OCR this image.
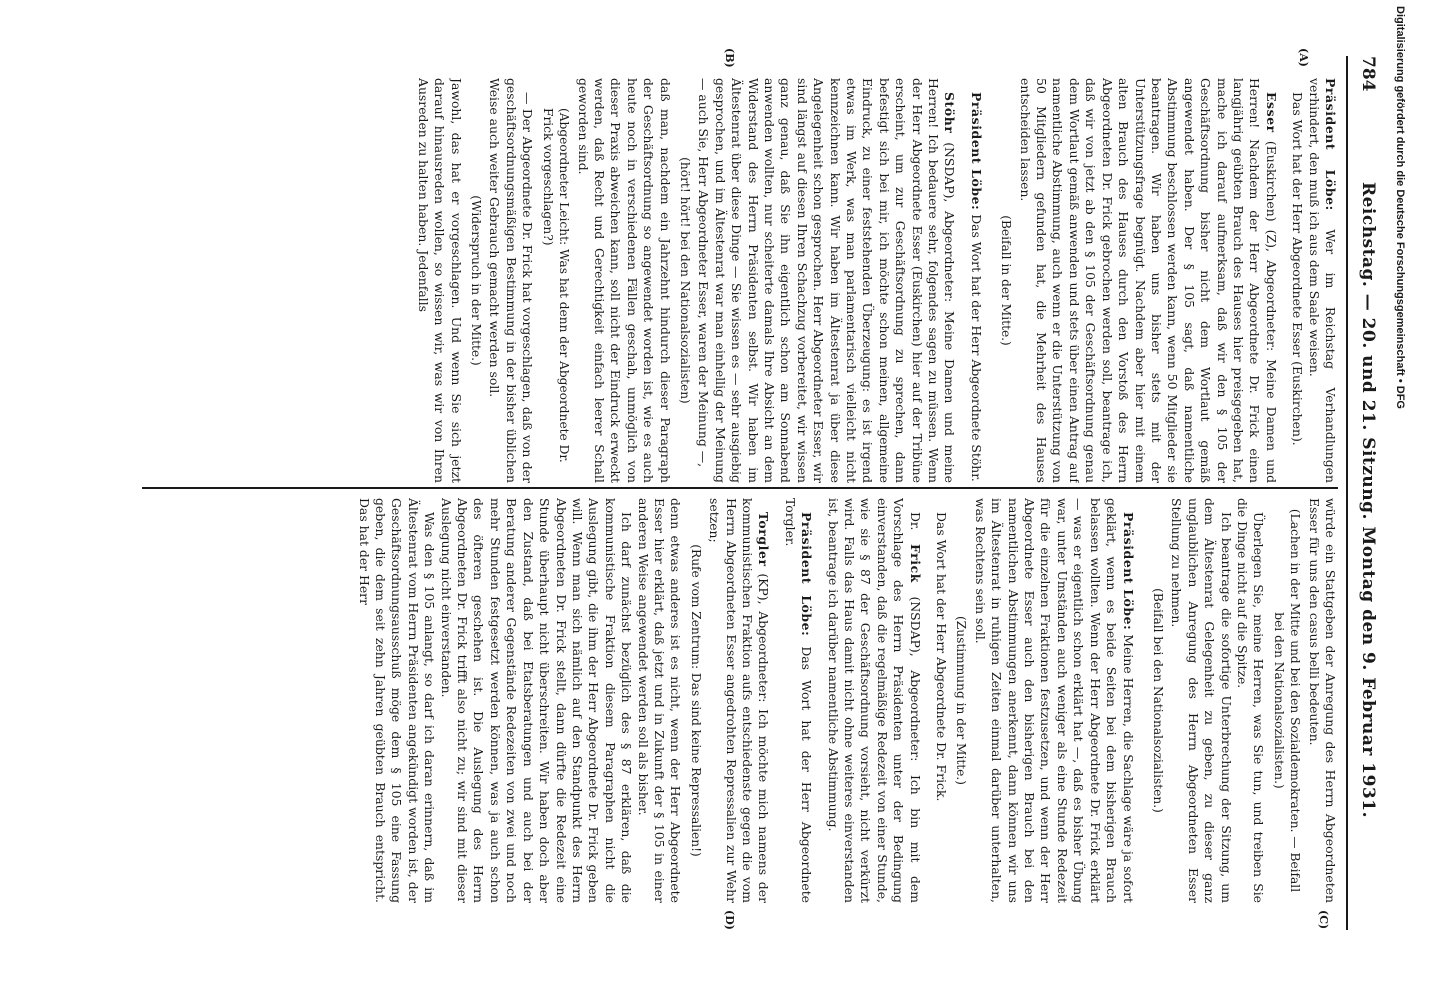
784
Reichstag. — 20. und 21. Sitzung. Montag den 9. Februar 1931.
(A)
(B)
(C)
(D)

Präsident Löbe: Wer im Reichstag Verhandlungen verhindert, den muß ich aus dem Saale weisen.

Das Wort hat der Herr Abgeordnete Esser (Euskirchen).

Esser (Euskirchen) (Z), Abgeordneter: Meine Damen und Herren! Nachdem der Herr Abgeordnete Dr. Frick einen langjährig geübten Brauch des Hauses hier preisgegeben hat, mache ich darauf aufmerksam, daß wir den § 105 der Geschäftsordnung bisher nicht dem Wortlaut gemäß angewendet haben. Der § 105 sagt, daß namentliche Abstimmung beschlossen werden kann, wenn 50 Mitglieder sie beantragen. Wir haben uns bisher stets mit der Unterstützungsfrage begnügt. Nachdem aber hier mit einem alten Brauch des Hauses durch den Vorstoß des Herrn Abgeordneten Dr. Frick gebrochen werden soll, beantrage ich, daß wir von jetzt ab den § 105 der Geschäftsordnung genau dem Wortlaut gemäß anwenden und stets über einen Antrag auf namentliche Abstimmung, auch wenn er die Unterstützung von 50 Mitgliedern gefunden hat, die Mehrheit des Hauses entscheiden lassen.

(Beifall in der Mitte.)

Präsident Löbe: Das Wort hat der Herr Abgeordnete Stöhr.

Stöhr (NSDAP), Abgeordneter: Meine Damen und meine Herren! Ich bedauere sehr, folgendes sagen zu müssen. Wenn der Herr Abgeordnete Esser (Euskirchen) hier auf der Tribüne erscheint, um zur Geschäftsordnung zu sprechen, dann befestigt sich bei mir, ich möchte schon meinen, allgemeine Eindruck, zu einer feststehenden Überzeugung: es ist irgend etwas im Werk, was man parlamentarisch vielleicht nicht kennzeichnen kann. Wir haben im Ältestenrat ja über diese Angelegenheit schon gesprochen. Herr Abgeordneter Esser, wir sind längst auf diesen Ihren Schachzug vorbereitet, wir wissen ganz genau, daß Sie ihn eigentlich schon am Sonnabend anwenden wollten, nur scheiterte damals Ihre Absicht an dem Widerstand des Herrn Präsidenten selbst. Wir haben im Ältestenrat über diese Dinge — Sie wissen es — sehr ausgiebig gesprochen, und im Ältestenrat war man einhellig der Meinung — auch Sie, Herr Abgeordneter Esser, waren der Meinung —,

(hört! hört! bei den Nationalsozialisten)

daß man, nachdem ein Jahrzehnt hindurch dieser Paragraph der Geschäftsordnung so angewendet worden ist, wie es auch heute noch in verschiedenen Fällen geschah, unmöglich von dieser Praxis abweichen kann, soll nicht der Eindruck erweckt werden, daß Recht und Gerechtigkeit einfach leerer Schall geworden sind.

(Abgeordneter Leicht: Was hat denn der Abgeordnete Dr. Frick vorgeschlagen?)

— Der Abgeordnete Dr. Frick hat vorgeschlagen, daß von der geschäftsordnungsmäßigen Bestimmung in der bisher üblichen Weise auch weiter Gebrauch gemacht werden soll.

(Widerspruch in der Mitte.)

Jawohl, das hat er vorgeschlagen. Und wenn Sie sich jetzt darauf hinausreden wollen, so wissen wir, was wir von Ihren Ausreden zu halten haben. Jedenfalls

würde ein Stattgeben der Anregung des Herrn Abgeordneten Esser für uns den casus belli bedeuten.

(Lachen in der Mitte und bei den Sozialdemokraten. — Beifall bei den Nationalsozialisten.)

Überlegen Sie, meine Herren, was Sie tun, und treiben Sie die Dinge nicht auf die Spitze.

Ich beantrage die sofortige Unterbrechung der Sitzung, um dem Ältestenrat Gelegenheit zu geben, zu dieser ganz unglaublichen Anregung des Herrn Abgeordneten Esser Stellung zu nehmen.

(Beifall bei den Nationalsozialisten.)

Präsident Löbe: Meine Herren, die Sachlage wäre ja sofort geklärt, wenn es beide Seiten bei dem bisherigen Brauch belassen wollten. Wenn der Herr Abgeordnete Dr. Frick erklärt — was er eigentlich schon erklärt hat —, daß es bisher Übung war, unter Umständen auch weniger als eine Stunde Redezeit für die einzelnen Fraktionen festzusetzen, und wenn der Herr Abgeordnete Esser auch den bisherigen Brauch bei den namentlichen Abstimmungen anerkennt, dann können wir uns im Ältestenrat in ruhigen Zeiten einmal darüber unterhalten, was Rechtens sein soll.

(Zustimmung in der Mitte.)

Das Wort hat der Herr Abgeordnete Dr. Frick.

Dr. Frick (NSDAP), Abgeordneter: Ich bin mit dem Vorschlage des Herrn Präsidenten unter der Bedingung einverstanden, daß die regelmäßige Redezeit von einer Stunde, wie sie § 87 der Geschäftsordnung vorsieht, nicht verkürzt wird. Falls das Haus damit nicht ohne weiteres einverstanden ist, beantrage ich darüber namentliche Abstimmung.

Präsident Löbe: Das Wort hat der Herr Abgeordnete Torgler.

Torgler (KP), Abgeordneter: Ich möchte mich namens der kommunistischen Fraktion aufs entschiedenste gegen die vom Herrn Abgeordneten Esser angedrohten Repressalien zur Wehr setzen;

(Rufe vom Zentrum: Das sind keine Repressalien!)

denn etwas anderes ist es nicht, wenn der Herr Abgeordnete Esser hier erklärt, daß jetzt und in Zukunft der § 105 in einer anderen Weise angewendet werden soll als bisher.

Ich darf zunächst bezüglich des § 87 erklären, daß die kommunistische Fraktion diesem Paragraphen nicht die Auslegung gibt, die ihm der Herr Abgeordnete Dr. Frick geben will. Wenn man sich nämlich auf den Standpunkt des Herrn Abgeordneten Dr. Frick stellt, dann dürfte die Redezeit eine Stunde überhaupt nicht überschreiten. Wir haben doch aber den Zustand, daß bei Etatsberatungen und auch bei der Beratung anderer Gegenstände Redezeiten von zwei und noch mehr Stunden festgesetzt werden können, was ja auch schon des öfteren geschehen ist. Die Auslegung des Herrn Abgeordneten Dr. Frick trifft also nicht zu; wir sind mit dieser Auslegung nicht einverstanden.

Was den § 105 anlangt, so darf ich daran erinnern, daß im Ältestenrat vom Herrn Präsidenten angekündigt worden ist, der Geschäftsordnungsausschuß möge dem § 105 eine Fassung geben, die dem seit zehn Jahren geübten Brauch entspricht. Das hat der Herr

Digitalisierung gefördert durch die Deutsche Forschungsgemeinschaft • DFG
